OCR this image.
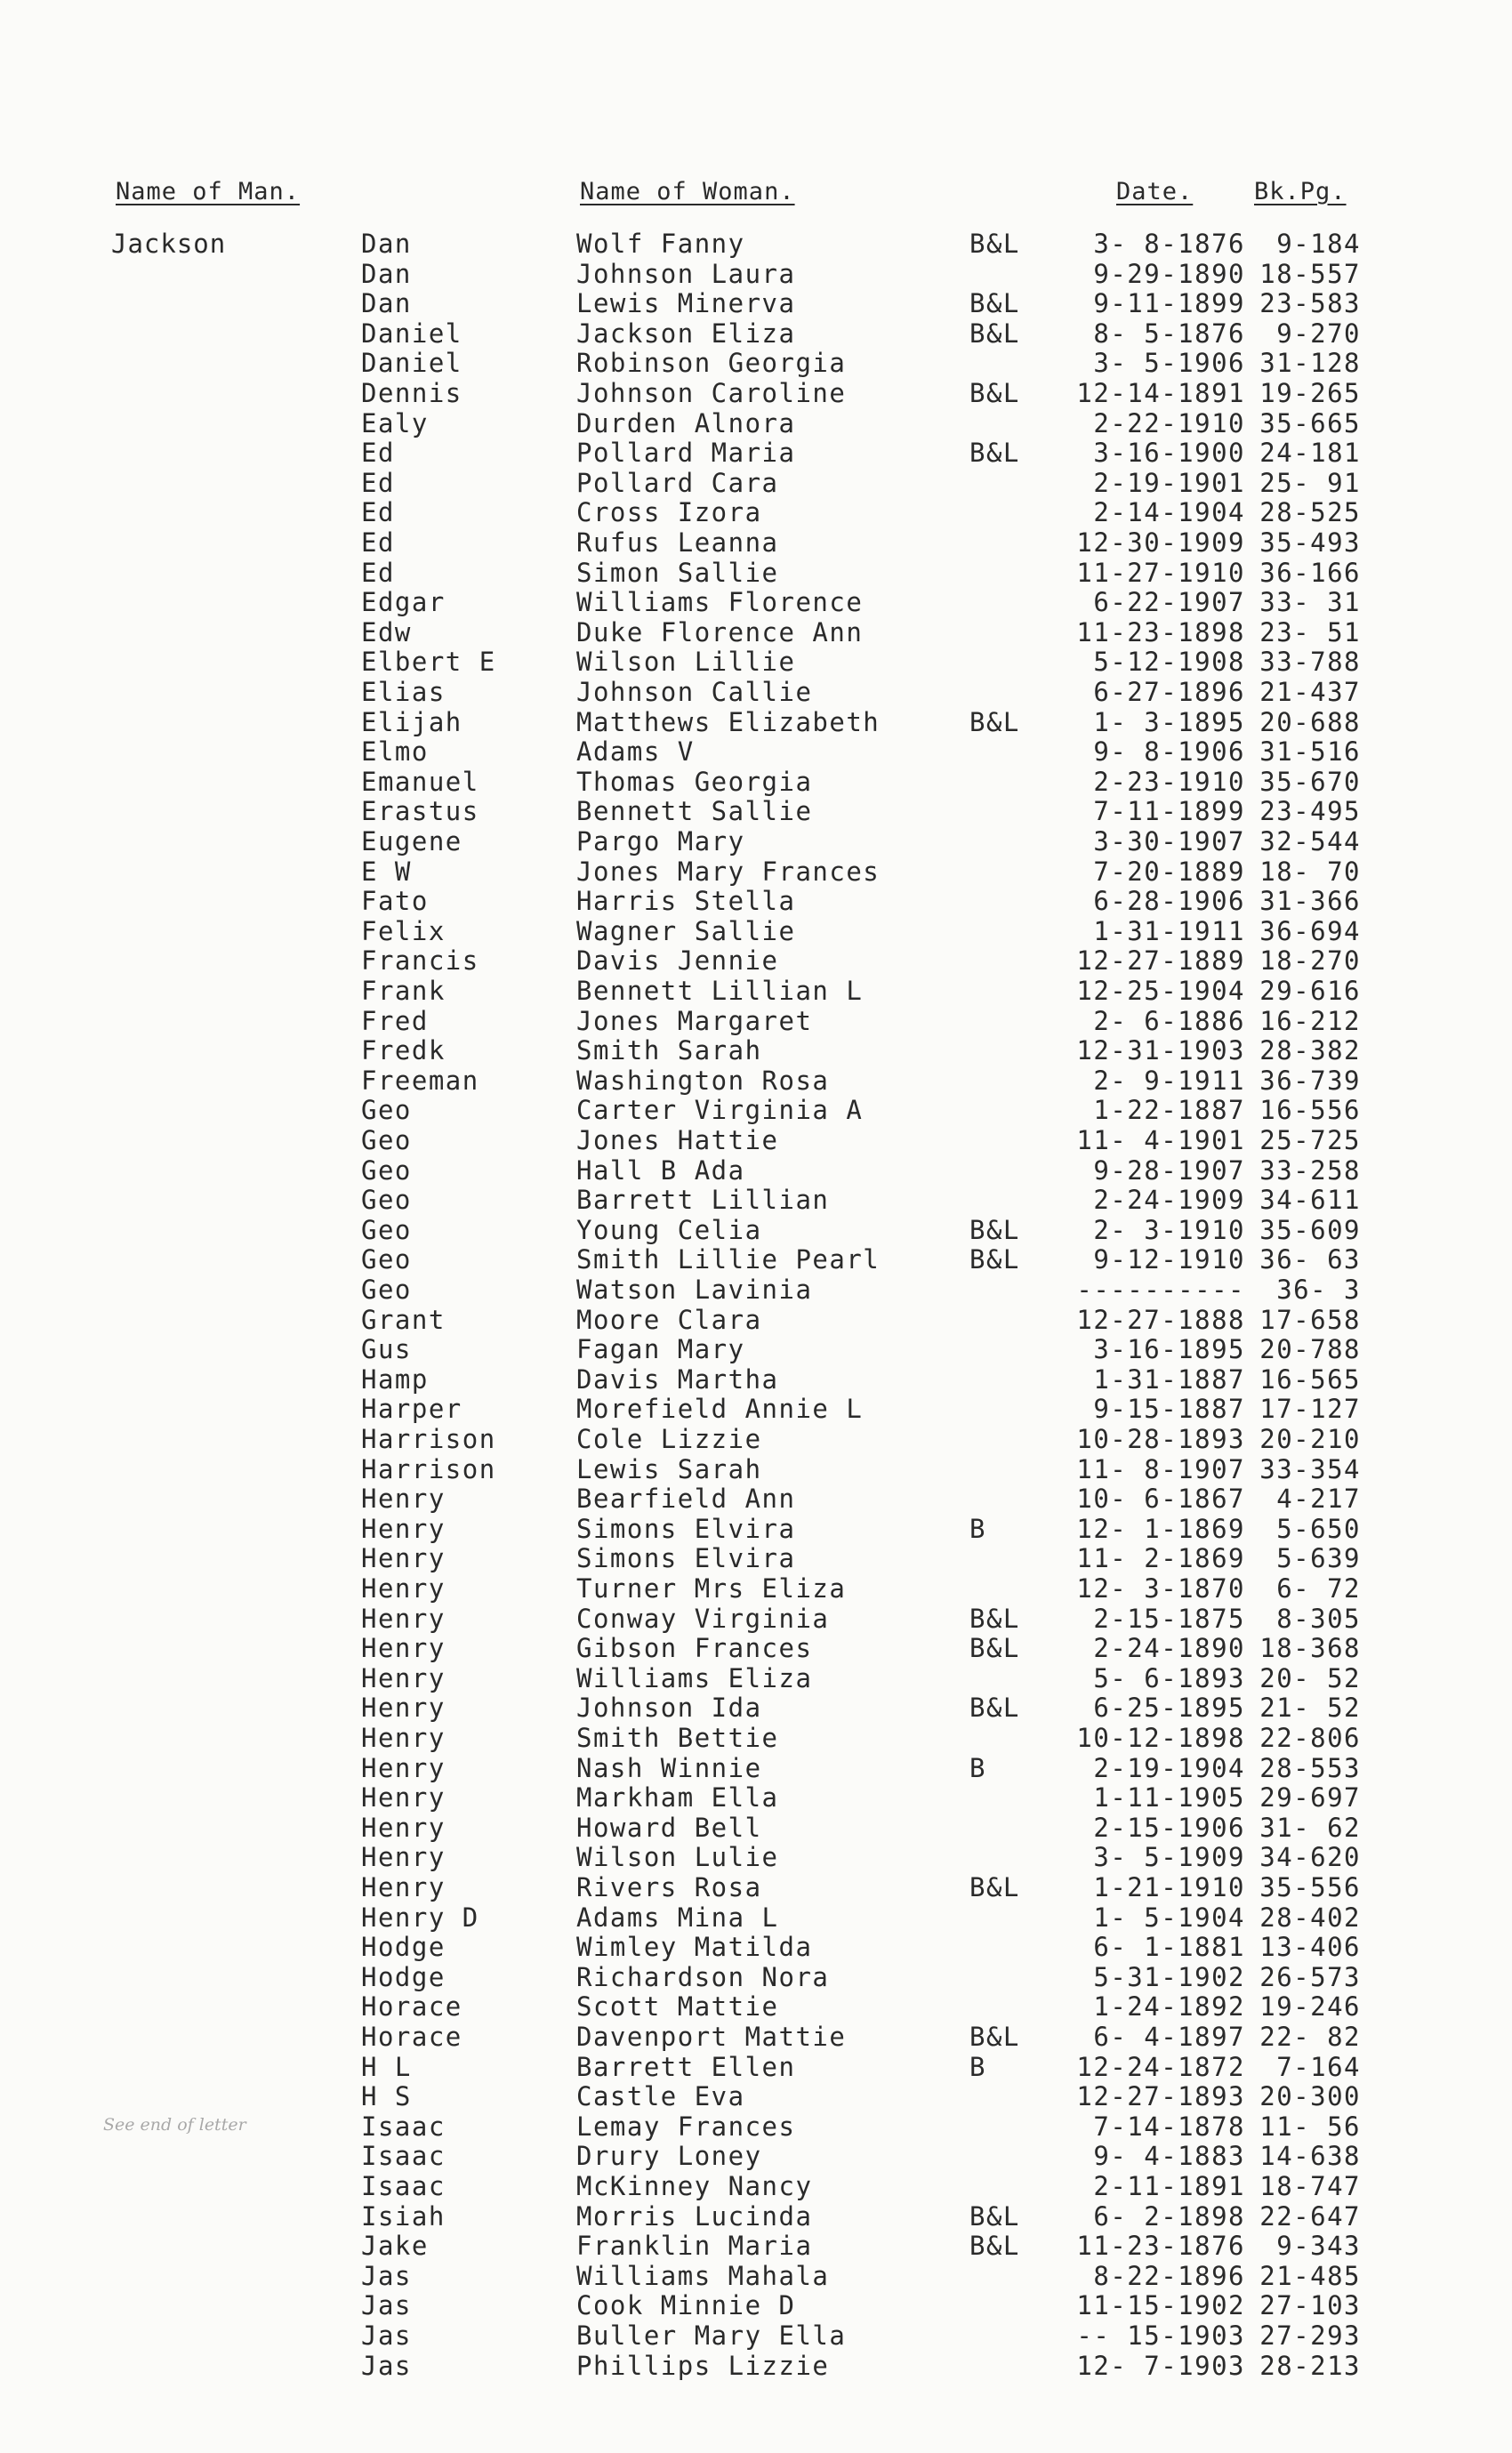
Name of Man.	Name of Woman.	Date.	Bk.Pg.
Jackson	Dan	Wolf Fanny	B&L	3- 8-1876	9-184
Dan	Johnson Laura	9-29-1890 18-557
Dan	Lewis Minerva	B&L	9-11-1899 23-583
Daniel	Jackson Eliza	B&L	8- 5-1876	9-270
Daniel	Robinson Georgia	3- 5-1906 31-128
Dennis	Johnson Caroline	B&L	12-14-1891 19-265
Ealy	Durden Alnora	2-22-1910 35-665
Ed	Pollard Maria	B&L	3-16-1900 24-181
Ed	Pollard Cara	2-19-1901 25- 91
Ed	Cross Izora	2-14-1904 28-525
Ed	Rufus Leanna	12-30-1909 35-493
Ed	Simon Sallie	11-27-1910 36-166
Edgar	Williams Florence	6-22-1907 33- 31
Edw	Duke Florence Ann	11-23-1898 23- 51
Elbert E	Wilson Lillie	5-12-1908 33-788
Elias	Johnson Callie	6-27-1896 21-437
Elijah	Matthews Elizabeth	B&L	1- 3-1895 20-688
Elmo	Adams V	9- 8-1906 31-516
Emanuel	Thomas Georgia	2-23-1910 35-670
Erastus	Bennett Sallie	7-11-1899 23-495
Eugene	Pargo Mary	3-30-1907 32-544
E W	Jones Mary Frances	7-20-1889 18- 70
Fato	Harris Stella	6-28-1906 31-366
Felix	Wagner Sallie	1-31-1911 36-694
Francis	Davis Jennie	12-27-1889 18-270
Frank	Bennett Lillian L	12-25-1904 29-616
Fred	Jones Margaret	2- 6-1886 16-212
Fredk	Smith Sarah	12-31-1903 28-382
Freeman	Washington Rosa	2- 9-1911 36-739
Geo	Carter Virginia A	1-22-1887 16-556
Geo	Jones Hattie	11- 4-1901 25-725
Geo	Hall B Ada	9-28-1907 33-258
Geo	Barrett Lillian	2-24-1909 34-611
Geo	Young Celia	B&L	2- 3-1910 35-609
Geo	Smith Lillie Pearl	B&L	9-12-1910 36- 63
Geo	Watson Lavinia	----------	36- 3
Grant	Moore Clara	12-27-1888 17-658
Gus	Fagan Mary	3-16-1895 20-788
Hamp	Davis Martha	1-31-1887 16-565
Harper	Morefield Annie L	9-15-1887 17-127
Harrison	Cole Lizzie	10-28-1893 20-210
Harrison	Lewis Sarah	11- 8-1907 33-354
Henry	Bearfield Ann	10- 6-1867	4-217
Henry	Simons Elvira	B	12- 1-1869	5-650
Henry	Simons Elvira	11- 2-1869	5-639
Henry	Turner Mrs Eliza	12- 3-1870	6- 72
Henry	Conway Virginia	B&L	2-15-1875	8-305
Henry	Gibson Frances	B&L	2-24-1890 18-368
Henry	Williams Eliza	5- 6-1893 20- 52
Henry	Johnson Ida	B&L	6-25-1895 21- 52
Henry	Smith Bettie	10-12-1898 22-806
Henry	Nash Winnie	B	2-19-1904 28-553
Henry	Markham Ella	1-11-1905 29-697
Henry	Howard Bell	2-15-1906 31- 62
Henry	Wilson Lulie	3- 5-1909 34-620
Henry	Rivers Rosa	B&L	1-21-1910 35-556
Henry D	Adams Mina L	1- 5-1904 28-402
Hodge	Wimley Matilda	6- 1-1881 13-406
Hodge	Richardson Nora	5-31-1902 26-573
Horace	Scott Mattie	1-24-1892 19-246
Horace	Davenport Mattie	B&L	6- 4-1897 22- 82
H L	Barrett Ellen	B	12-24-1872	7-164
H S	Castle Eva	12-27-1893 20-300
Isaac	Lemay Frances	7-14-1878 11- 56
Isaac	Drury Loney	9- 4-1883 14-638
Isaac	McKinney Nancy	2-11-1891 18-747
Isiah	Morris Lucinda	B&L	6- 2-1898 22-647
Jake	Franklin Maria	B&L	11-23-1876	9-343
Jas	Williams Mahala	8-22-1896 21-485
Jas	Cook Minnie D	11-15-1902 27-103
Jas	Buller Mary Ella	-- 15-1903 27-293
Jas	Phillips Lizzie	12- 7-1903 28-213
See end of letter
